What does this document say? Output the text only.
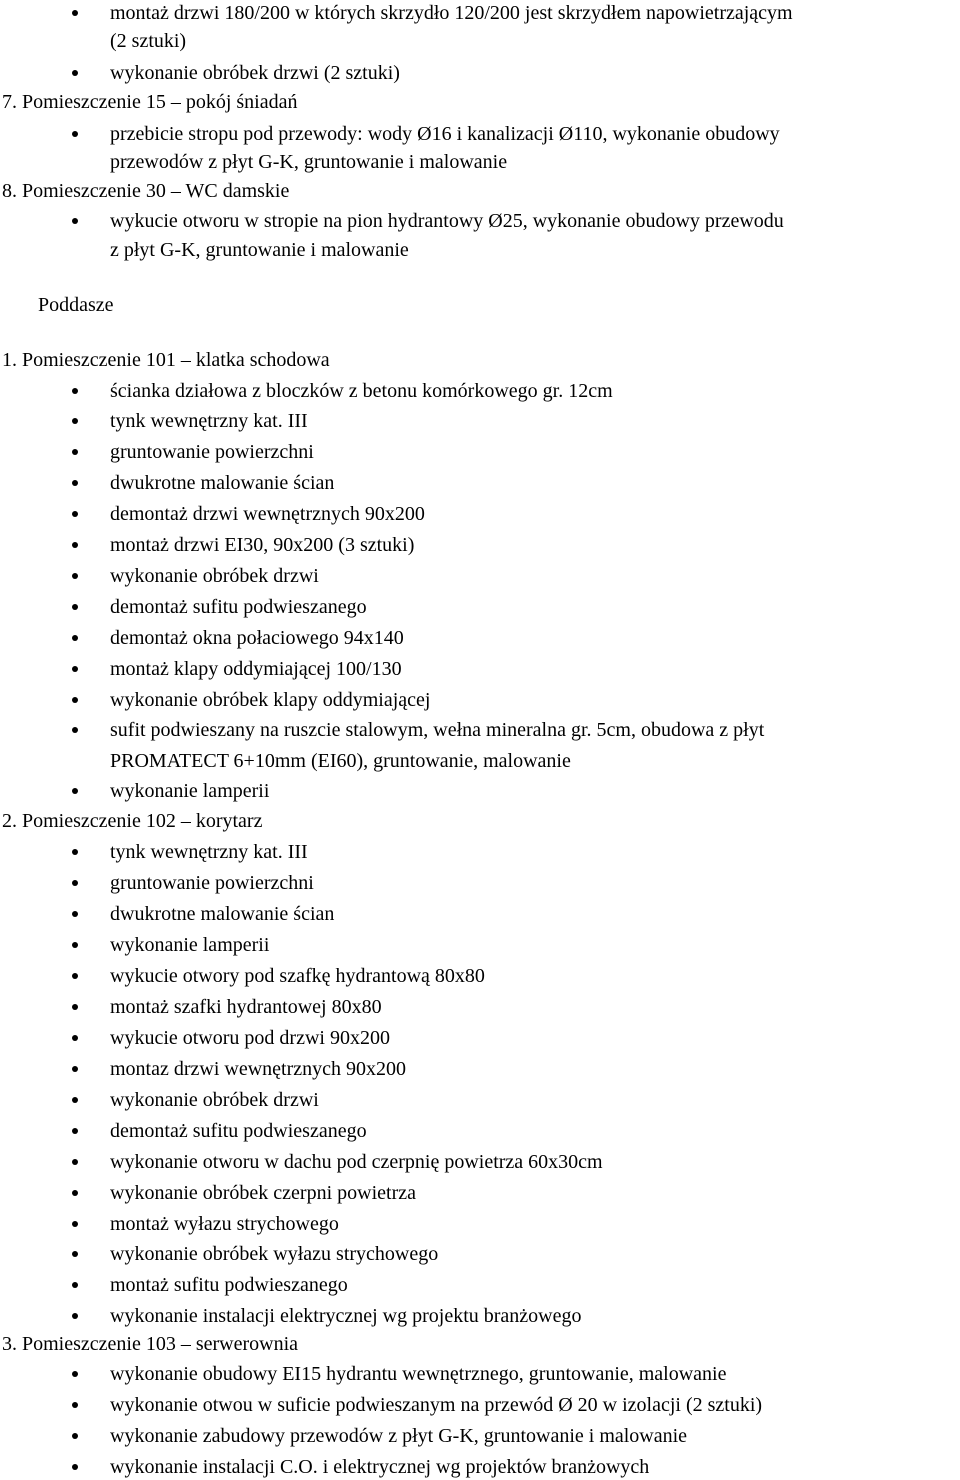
montaż drzwi 180/200 w których skrzydło 120/200 jest skrzydłem napowietrzającym
(2 sztuki)
wykonanie obróbek drzwi (2 sztuki)
7. Pomieszczenie 15 – pokój śniadań
przebicie stropu pod przewody: wody Ø16 i kanalizacji Ø110, wykonanie obudowy
przewodów z płyt G-K, gruntowanie i malowanie
8. Pomieszczenie 30 – WC damskie
wykucie otworu w stropie na pion hydrantowy Ø25, wykonanie obudowy przewodu
z płyt G-K, gruntowanie i malowanie
Poddasze
1. Pomieszczenie 101 – klatka schodowa
ścianka działowa z bloczków z betonu komórkowego gr. 12cm
tynk wewnętrzny kat. III
gruntowanie powierzchni
dwukrotne malowanie ścian
demontaż drzwi wewnętrznych 90x200
montaż drzwi EI30, 90x200 (3 sztuki)
wykonanie obróbek drzwi
demontaż sufitu podwieszanego
demontaż okna połaciowego 94x140
montaż klapy oddymiającej 100/130
wykonanie obróbek klapy oddymiającej
sufit podwieszany na ruszcie stalowym, wełna mineralna gr. 5cm, obudowa z płyt
PROMATECT 6+10mm (EI60), gruntowanie, malowanie
wykonanie lamperii
2. Pomieszczenie 102 – korytarz
tynk wewnętrzny kat. III
gruntowanie powierzchni
dwukrotne malowanie ścian
wykonanie lamperii
wykucie otwory pod szafkę hydrantową 80x80
montaż szafki hydrantowej 80x80
wykucie otworu pod drzwi 90x200
montaz drzwi wewnętrznych 90x200
wykonanie obróbek drzwi
demontaż sufitu podwieszanego
wykonanie otworu w dachu pod czerpnię powietrza 60x30cm
wykonanie obróbek czerpni powietrza
montaż wyłazu strychowego
wykonanie obróbek wyłazu strychowego
montaż sufitu podwieszanego
wykonanie instalacji elektrycznej wg projektu branżowego
3. Pomieszczenie 103 – serwerownia
wykonanie obudowy EI15 hydrantu wewnętrznego, gruntowanie, malowanie
wykonanie otwou w suficie podwieszanym na przewód Ø 20 w izolacji (2 sztuki)
wykonanie zabudowy przewodów z płyt G-K, gruntowanie i malowanie
wykonanie instalacji C.O. i elektrycznej wg projektów branżowych
